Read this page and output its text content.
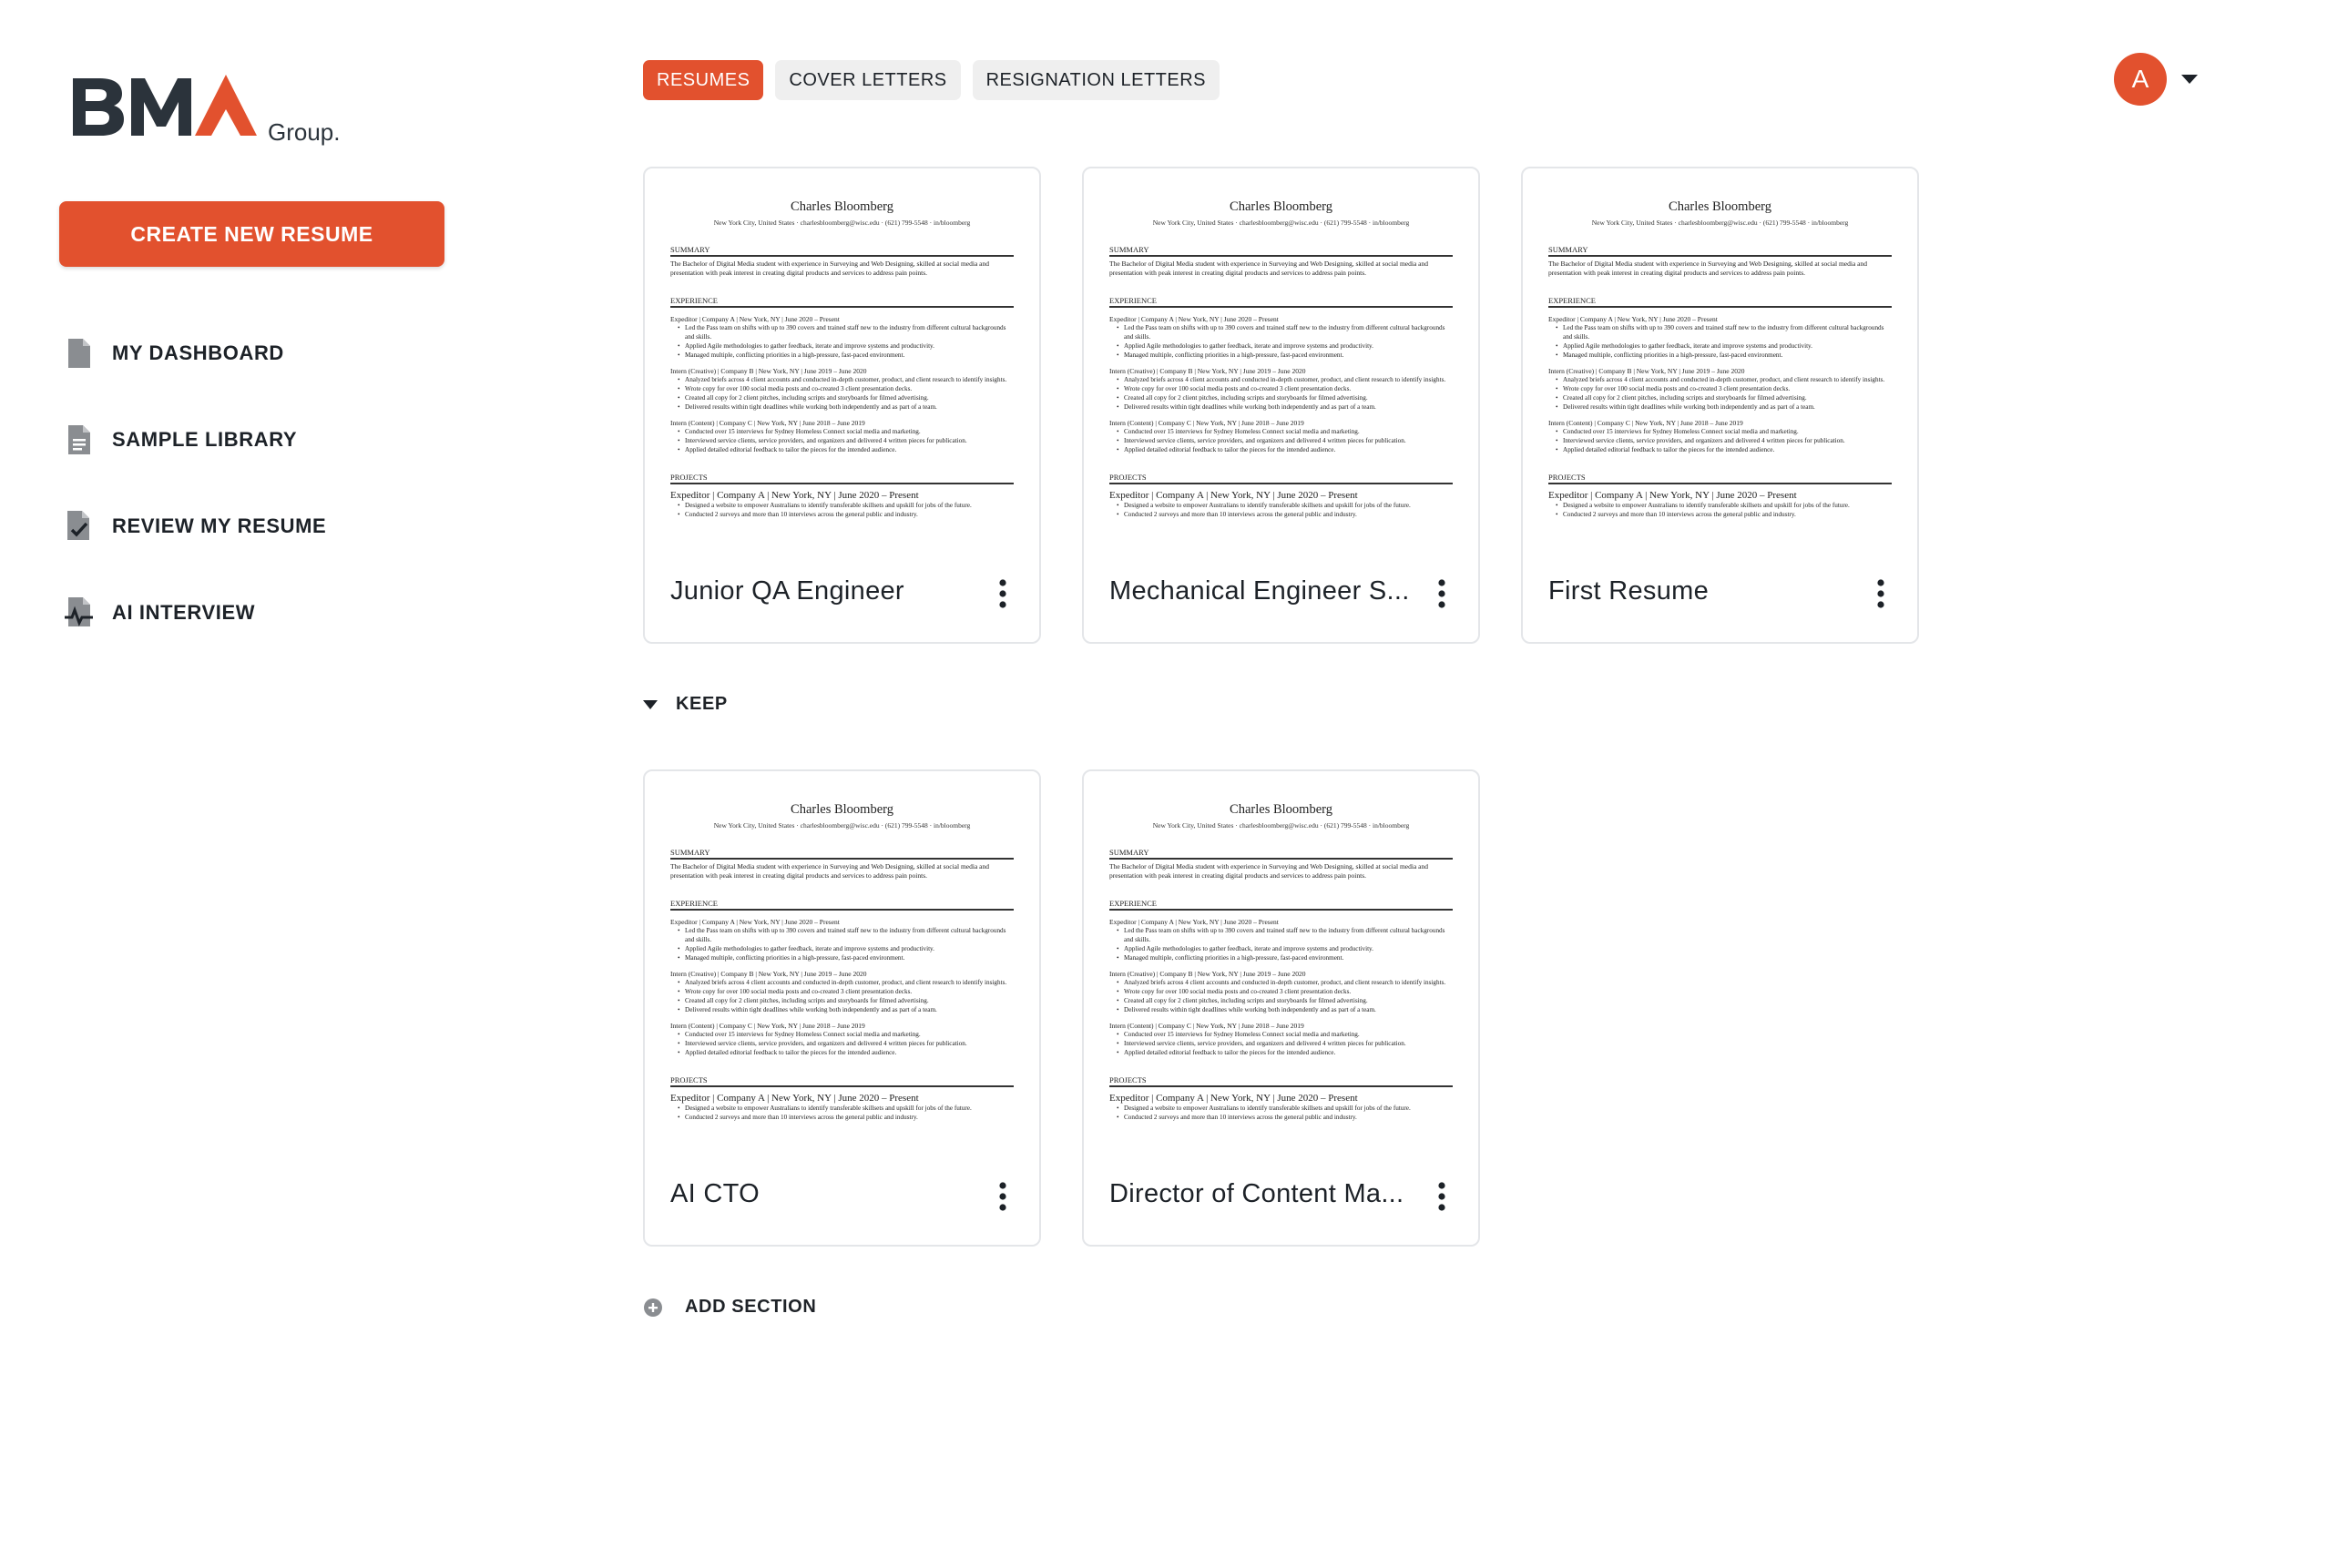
Group.
CREATE NEW RESUME
MY DASHBOARD
SAMPLE LIBRARY
REVIEW MY RESUME
AI INTERVIEW
RESUMES	COVER LETTERS	RESIGNATION LETTERS	A
Charles Bloomberg
New York City, United States · charlesbloomberg@wisc.edu · (621) 799-5548 · in/bloomberg
SUMMARY
The Bachelor of Digital Media student with experience in Surveying and Web Designing, skilled at social media and presentation with peak interest in creating digital products and services to address pain points.
EXPERIENCE
Expeditor | Company A | New York, NY | June 2020 – Present
• Led the Pass team on shifts with up to 390 covers and trained staff new to the industry from different cultural backgrounds and skills.
• Applied Agile methodologies to gather feedback, iterate and improve systems and productivity.
• Managed multiple, conflicting priorities in a high-pressure, fast-paced environment.
Intern (Creative) | Company B | New York, NY | June 2019 – June 2020
• Analyzed briefs across 4 client accounts and conducted in-depth customer, product, and client research to identify insights.
• Wrote copy for over 100 social media posts and co-created 3 client presentation decks.
• Created all copy for 2 client pitches, including scripts and storyboards for filmed advertising.
• Delivered results within tight deadlines while working both independently and as part of a team.
Intern (Content) | Company C | New York, NY | June 2018 – June 2019
• Conducted over 15 interviews for Sydney Homeless Connect social media and marketing.
• Interviewed service clients, service providers, and organizers and delivered 4 written pieces for publication.
• Applied detailed editorial feedback to tailor the pieces for the intended audience.
PROJECTS
Expeditor | Company A | New York, NY | June 2020 – Present
• Designed a website to empower Australians to identify transferable skillsets and upskill for jobs of the future.
• Conducted 2 surveys and more than 10 interviews across the general public and industry.
Junior QA Engineer
Charles Bloomberg
New York City, United States · charlesbloomberg@wisc.edu · (621) 799-5548 · in/bloomberg
SUMMARY
The Bachelor of Digital Media student with experience in Surveying and Web Designing, skilled at social media and presentation with peak interest in creating digital products and services to address pain points.
EXPERIENCE
Expeditor | Company A | New York, NY | June 2020 – Present
• Led the Pass team on shifts with up to 390 covers and trained staff new to the industry from different cultural backgrounds and skills.
• Applied Agile methodologies to gather feedback, iterate and improve systems and productivity.
• Managed multiple, conflicting priorities in a high-pressure, fast-paced environment.
Intern (Creative) | Company B | New York, NY | June 2019 – June 2020
• Analyzed briefs across 4 client accounts and conducted in-depth customer, product, and client research to identify insights.
• Wrote copy for over 100 social media posts and co-created 3 client presentation decks.
• Created all copy for 2 client pitches, including scripts and storyboards for filmed advertising.
• Delivered results within tight deadlines while working both independently and as part of a team.
Intern (Content) | Company C | New York, NY | June 2018 – June 2019
• Conducted over 15 interviews for Sydney Homeless Connect social media and marketing.
• Interviewed service clients, service providers, and organizers and delivered 4 written pieces for publication.
• Applied detailed editorial feedback to tailor the pieces for the intended audience.
PROJECTS
Expeditor | Company A | New York, NY | June 2020 – Present
• Designed a website to empower Australians to identify transferable skillsets and upskill for jobs of the future.
• Conducted 2 surveys and more than 10 interviews across the general public and industry.
Mechanical Engineer S...
Charles Bloomberg
New York City, United States · charlesbloomberg@wisc.edu · (621) 799-5548 · in/bloomberg
SUMMARY
The Bachelor of Digital Media student with experience in Surveying and Web Designing, skilled at social media and presentation with peak interest in creating digital products and services to address pain points.
EXPERIENCE
Expeditor | Company A | New York, NY | June 2020 – Present
• Led the Pass team on shifts with up to 390 covers and trained staff new to the industry from different cultural backgrounds and skills.
• Applied Agile methodologies to gather feedback, iterate and improve systems and productivity.
• Managed multiple, conflicting priorities in a high-pressure, fast-paced environment.
Intern (Creative) | Company B | New York, NY | June 2019 – June 2020
• Analyzed briefs across 4 client accounts and conducted in-depth customer, product, and client research to identify insights.
• Wrote copy for over 100 social media posts and co-created 3 client presentation decks.
• Created all copy for 2 client pitches, including scripts and storyboards for filmed advertising.
• Delivered results within tight deadlines while working both independently and as part of a team.
Intern (Content) | Company C | New York, NY | June 2018 – June 2019
• Conducted over 15 interviews for Sydney Homeless Connect social media and marketing.
• Interviewed service clients, service providers, and organizers and delivered 4 written pieces for publication.
• Applied detailed editorial feedback to tailor the pieces for the intended audience.
PROJECTS
Expeditor | Company A | New York, NY | June 2020 – Present
• Designed a website to empower Australians to identify transferable skillsets and upskill for jobs of the future.
• Conducted 2 surveys and more than 10 interviews across the general public and industry.
First Resume
Charles Bloomberg
New York City, United States · charlesbloomberg@wisc.edu · (621) 799-5548 · in/bloomberg
SUMMARY
The Bachelor of Digital Media student with experience in Surveying and Web Designing, skilled at social media and presentation with peak interest in creating digital products and services to address pain points.
EXPERIENCE
Expeditor | Company A | New York, NY | June 2020 – Present
• Led the Pass team on shifts with up to 390 covers and trained staff new to the industry from different cultural backgrounds and skills.
• Applied Agile methodologies to gather feedback, iterate and improve systems and productivity.
• Managed multiple, conflicting priorities in a high-pressure, fast-paced environment.
Intern (Creative) | Company B | New York, NY | June 2019 – June 2020
• Analyzed briefs across 4 client accounts and conducted in-depth customer, product, and client research to identify insights.
• Wrote copy for over 100 social media posts and co-created 3 client presentation decks.
• Created all copy for 2 client pitches, including scripts and storyboards for filmed advertising.
• Delivered results within tight deadlines while working both independently and as part of a team.
Intern (Content) | Company C | New York, NY | June 2018 – June 2019
• Conducted over 15 interviews for Sydney Homeless Connect social media and marketing.
• Interviewed service clients, service providers, and organizers and delivered 4 written pieces for publication.
• Applied detailed editorial feedback to tailor the pieces for the intended audience.
PROJECTS
Expeditor | Company A | New York, NY | June 2020 – Present
• Designed a website to empower Australians to identify transferable skillsets and upskill for jobs of the future.
• Conducted 2 surveys and more than 10 interviews across the general public and industry.
AI CTO
Charles Bloomberg
New York City, United States · charlesbloomberg@wisc.edu · (621) 799-5548 · in/bloomberg
SUMMARY
The Bachelor of Digital Media student with experience in Surveying and Web Designing, skilled at social media and presentation with peak interest in creating digital products and services to address pain points.
EXPERIENCE
Expeditor | Company A | New York, NY | June 2020 – Present
• Led the Pass team on shifts with up to 390 covers and trained staff new to the industry from different cultural backgrounds and skills.
• Applied Agile methodologies to gather feedback, iterate and improve systems and productivity.
• Managed multiple, conflicting priorities in a high-pressure, fast-paced environment.
Intern (Creative) | Company B | New York, NY | June 2019 – June 2020
• Analyzed briefs across 4 client accounts and conducted in-depth customer, product, and client research to identify insights.
• Wrote copy for over 100 social media posts and co-created 3 client presentation decks.
• Created all copy for 2 client pitches, including scripts and storyboards for filmed advertising.
• Delivered results within tight deadlines while working both independently and as part of a team.
Intern (Content) | Company C | New York, NY | June 2018 – June 2019
• Conducted over 15 interviews for Sydney Homeless Connect social media and marketing.
• Interviewed service clients, service providers, and organizers and delivered 4 written pieces for publication.
• Applied detailed editorial feedback to tailor the pieces for the intended audience.
PROJECTS
Expeditor | Company A | New York, NY | June 2020 – Present
• Designed a website to empower Australians to identify transferable skillsets and upskill for jobs of the future.
• Conducted 2 surveys and more than 10 interviews across the general public and industry.
Director of Content Ma...
KEEP
ADD SECTION
